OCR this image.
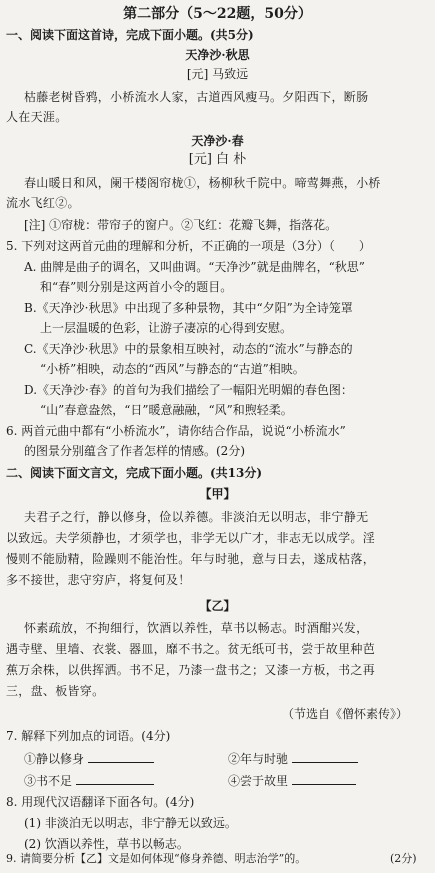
第二部分（5～22题，50分）
一、阅读下面这首诗，完成下面小题。(共5分)
天净沙·秋思
[元] 马致远
枯藤老树昏鸦，小桥流水人家，古道西风瘦马。夕阳西下，断肠
人在天涯。
天净沙·春
[元] 白 朴
春山暖日和风，阑干楼阁帘栊①，杨柳秋千院中。啼莺舞燕，小桥
流水飞红②。
[注] ①帘栊：带帘子的窗户。②飞红：花瓣飞舞，指落花。
5. 下列对这两首元曲的理解和分析，不正确的一项是（3分）（　　）
A. 曲牌是曲子的调名，又叫曲调。“天净沙”就是曲牌名，“秋思”
和“春”则分别是这两首小令的题目。
B.《天净沙·秋思》中出现了多种景物，其中“夕阳”为全诗笼罩
上一层温暖的色彩，让游子凄凉的心得到安慰。
C.《天净沙·秋思》中的景象相互映衬，动态的“流水”与静态的
“小桥”相映，动态的“西风”与静态的“古道”相映。
D.《天净沙·春》的首句为我们描绘了一幅阳光明媚的春色图：
“山”春意盎然，“日”暖意融融，“风”和煦轻柔。
6. 两首元曲中都有“小桥流水”，请你结合作品，说说“小桥流水”
的图景分别蕴含了作者怎样的情感。(2分)
二、阅读下面文言文，完成下面小题。(共13分)
【甲】
夫君子之行，静以修身，俭以养德。非淡泊无以明志，非宁静无
以致远。夫学须静也，才须学也，非学无以广才，非志无以成学。淫
慢则不能励精，险躁则不能治性。年与时驰，意与日去，遂成枯落，
多不接世，悲守穷庐，将复何及！
【乙】
怀素疏放，不拘细行，饮酒以养性，草书以畅志。时酒酣兴发，
遇寺壁、里墙、衣裳、器皿，靡不书之。贫无纸可书，尝于故里种芭
蕉万余株，以供挥洒。书不足，乃漆一盘书之；又漆一方板，书之再
三，盘、板皆穿。
（节选自《僧怀素传》）
7. 解释下列加点的词语。(4分)
①静以修身	②年与时驰
③书不足	④尝于故里
8. 用现代汉语翻译下面各句。(4分)
(1) 非淡泊无以明志，非宁静无以致远。
(2) 饮酒以养性，草书以畅志。
9. 请简要分析【乙】文是如何体现“修身养德、明志治学”的。	(2分)
